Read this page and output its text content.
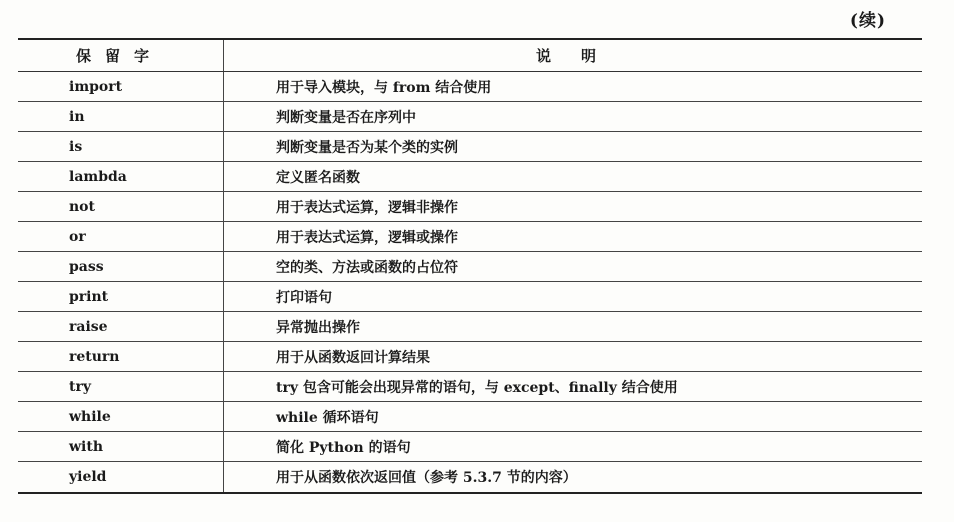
(续)
保留字	说明
import	用于导入模块，与 from 结合使用
in	判断变量是否在序列中
is	判断变量是否为某个类的实例
lambda	定义匿名函数
not	用于表达式运算，逻辑非操作
or	用于表达式运算，逻辑或操作
pass	空的类、方法或函数的占位符
print	打印语句
raise	异常抛出操作
return	用于从函数返回计算结果
try	try 包含可能会出现异常的语句，与 except、finally 结合使用
while	while 循环语句
with	简化 Python 的语句
yield	用于从函数依次返回值（参考 5.3.7 节的内容）
